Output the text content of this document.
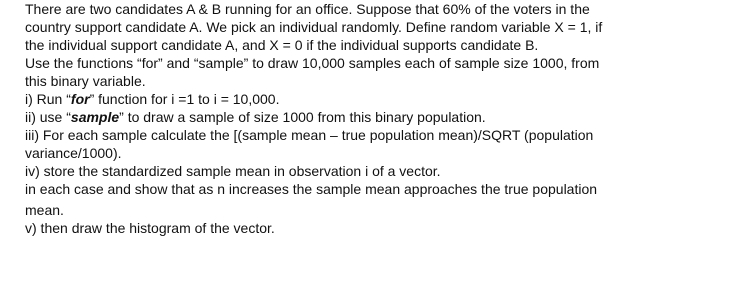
There are two candidates A & B running for an office. Suppose that 60% of the voters in the
country support candidate A. We pick an individual randomly. Define random variable X = 1, if
the individual support candidate A, and X = 0 if the individual supports candidate B.
Use the functions “for” and “sample” to draw 10,000 samples each of sample size 1000, from
this binary variable.
i) Run “for” function for i =1 to i = 10,000.
ii) use “sample” to draw a sample of size 1000 from this binary population.
iii) For each sample calculate the [(sample mean – true population mean)/SQRT (population
variance/1000).
iv) store the standardized sample mean in observation i of a vector.
in each case and show that as n increases the sample mean approaches the true population
mean.
v) then draw the histogram of the vector.
